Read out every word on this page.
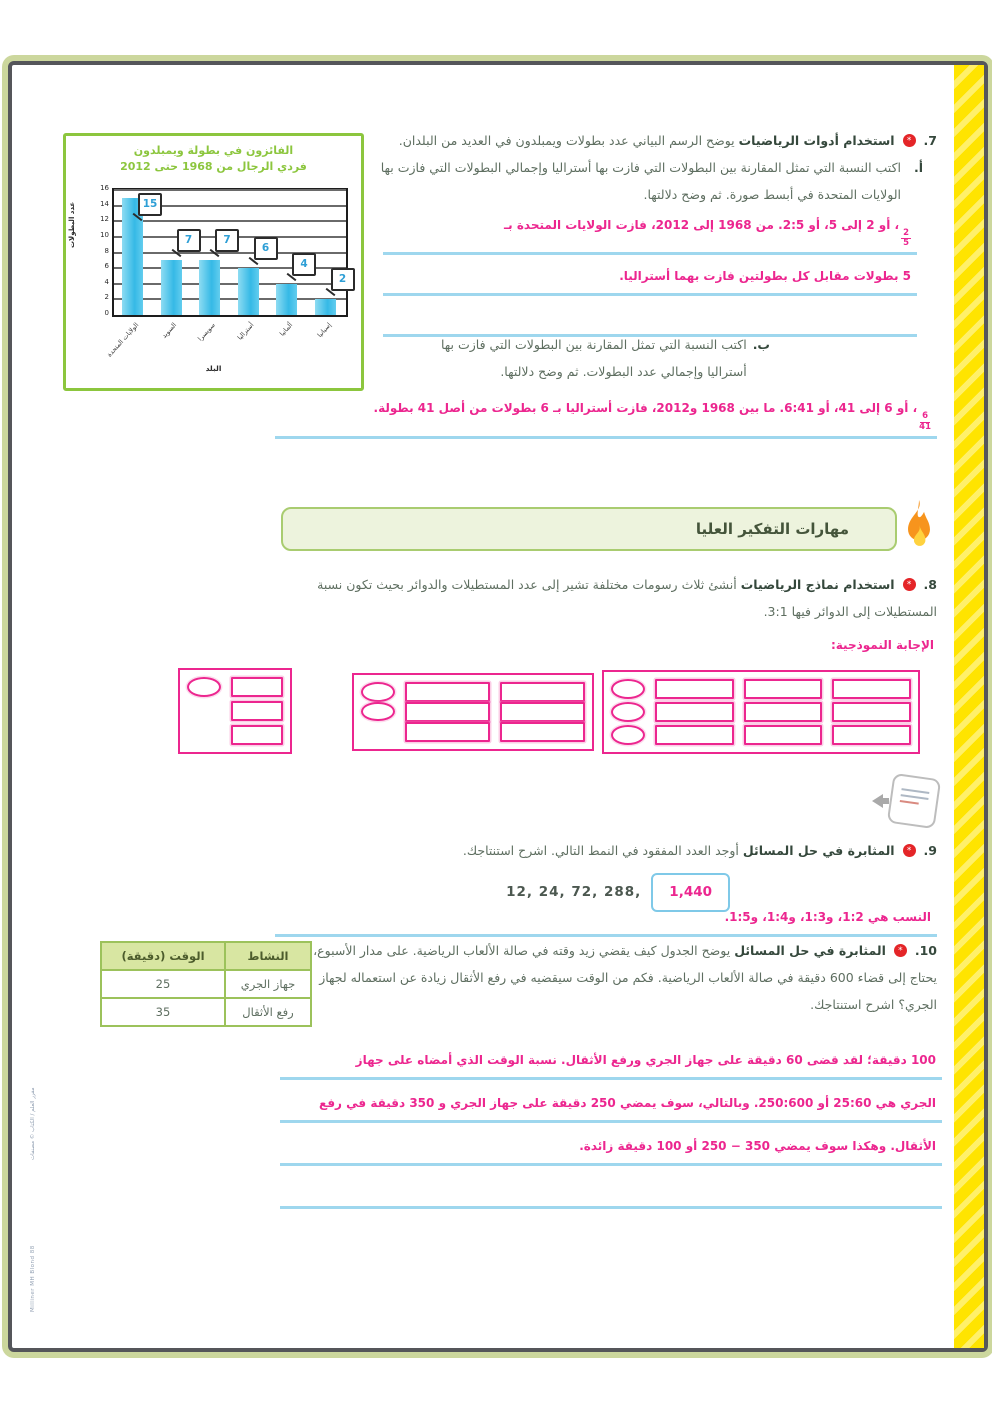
الفائزون في بطولة ويمبلدون
فردي الرجال من 1968 حتى 2012
عدد البطولات	15
7	7
6
4
2
0
2
4
6
8
10
12
14
16
الولايات المتحدة	السويد	سويسرا	أستراليا	ألمانيا	إسبانيا
البلد
7. * استخدام أدوات الرياضيات يوضح الرسم البياني عدد بطولات ويمبلدون في العديد من البلدان.
أ.
اكتب النسبة التي تمثل المقارنة بين البطولات التي فازت بها أستراليا وإجمالي البطولات التي فازت بها الولايات المتحدة في أبسط صورة. ثم وضح دلالتها.
$\frac{2}{5}$
، أو 2 إلى 5، أو 2:5. من 1968 إلى 2012، فازت الولايات المتحدة بـ
5 بطولات مقابل كل بطولتين فازت بهما أستراليا.
ب.
اكتب النسبة التي تمثل المقارنة بين البطولات التي فازت بها أستراليا وإجمالي عدد البطولات. ثم وضح دلالتها.
$\frac{6}{41}$
، أو 6 إلى 41، أو 6:41. ما بين 1968 و2012، فازت أستراليا بـ 6 بطولات من أصل 41 بطولة.
مهارات التفكير العليا
8. * استخدام نماذج الرياضيات أنشئ ثلاث رسومات مختلفة تشير إلى عدد المستطيلات والدوائر بحيث تكون نسبة المستطيلات إلى الدوائر فيها 3:1.
الإجابة النموذجية:
9. * المثابرة في حل المسائل أوجد العدد المفقود في النمط التالي. اشرح استنتاجك.
12, 24, 72, 288,	1,440
النسب هي 1:2، و1:3، و1:4، و1:5.
10. * المثابرة في حل المسائل يوضح الجدول كيف يقضي زيد وقته في صالة الألعاب الرياضية. على مدار الأسبوع، يحتاج إلى قضاء 600 دقيقة في صالة الألعاب الرياضية. فكم من الوقت سيقضيه في رفع الأثقال زيادة عن استعماله لجهاز الجري؟ اشرح استنتاجك.
النشاط	الوقت (دقيقة)
جهاز الجري	25
رفع الأثقال	35
100 دقيقة؛ لقد قضى 60 دقيقة على جهاز الجري ورفع الأثقال. نسبة الوقت الذي أمضاه على جهاز
الجري هي 25:60 أو 250:600. وبالتالي، سوف يمضي 250 دقيقة على جهاز الجري و 350 دقيقة في رفع
الأثقال. وهكذا سوف يمضي 350 − 250 أو 100 دقيقة زائدة.
مقرر العلم / الكتاب © مصنفات
Milliner MH Blond 88
